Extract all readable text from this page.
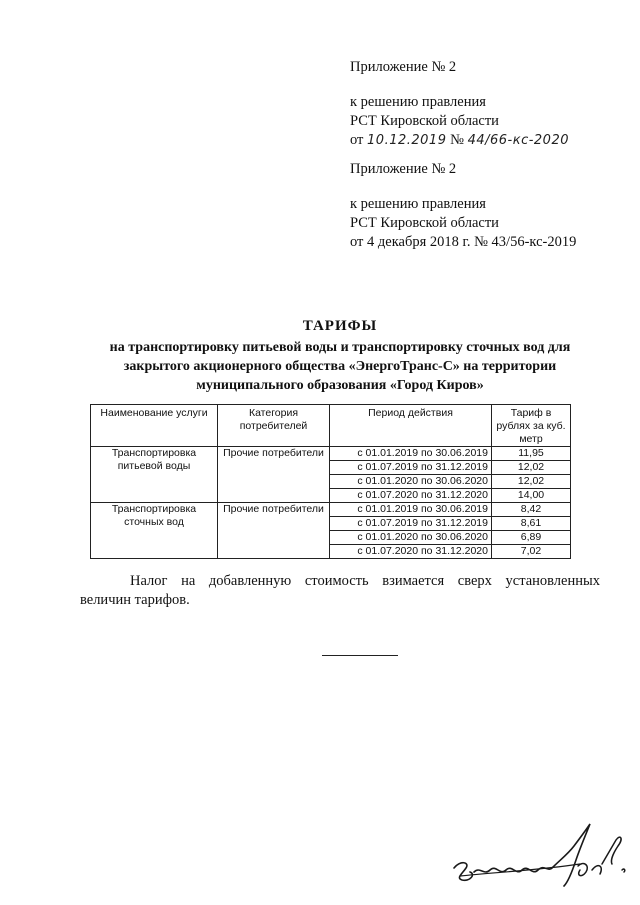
Приложение № 2
к решению правления
РСТ Кировской области
от 10.12.2019 № 44/66-кс-2020
Приложение № 2
к решению правления
РСТ Кировской области
от 4 декабря 2018 г. № 43/56-кс-2019
ТАРИФЫ
на транспортировку питьевой воды и транспортировку сточных вод для
закрытого акционерного общества «ЭнергоТранс-С» на территории
муниципального образования «Город Киров»
Наименование услуги	Категория потребителей	Период действия	Тариф в рублях за куб. метр
Транспортировка питьевой воды	Прочие потребители	с 01.01.2019 по 30.06.2019	11,95
		с 01.07.2019 по 31.12.2019	12,02
		с 01.01.2020 по 30.06.2020	12,02
		с 01.07.2020 по 31.12.2020	14,00
Транспортировка сточных вод	Прочие потребители	с 01.01.2019 по 30.06.2019	8,42
		с 01.07.2019 по 31.12.2019	8,61
		с 01.01.2020 по 30.06.2020	6,89
		с 01.07.2020 по 31.12.2020	7,02
Налог на добавленную стоимость взимается сверх установленных
величин тарифов.
